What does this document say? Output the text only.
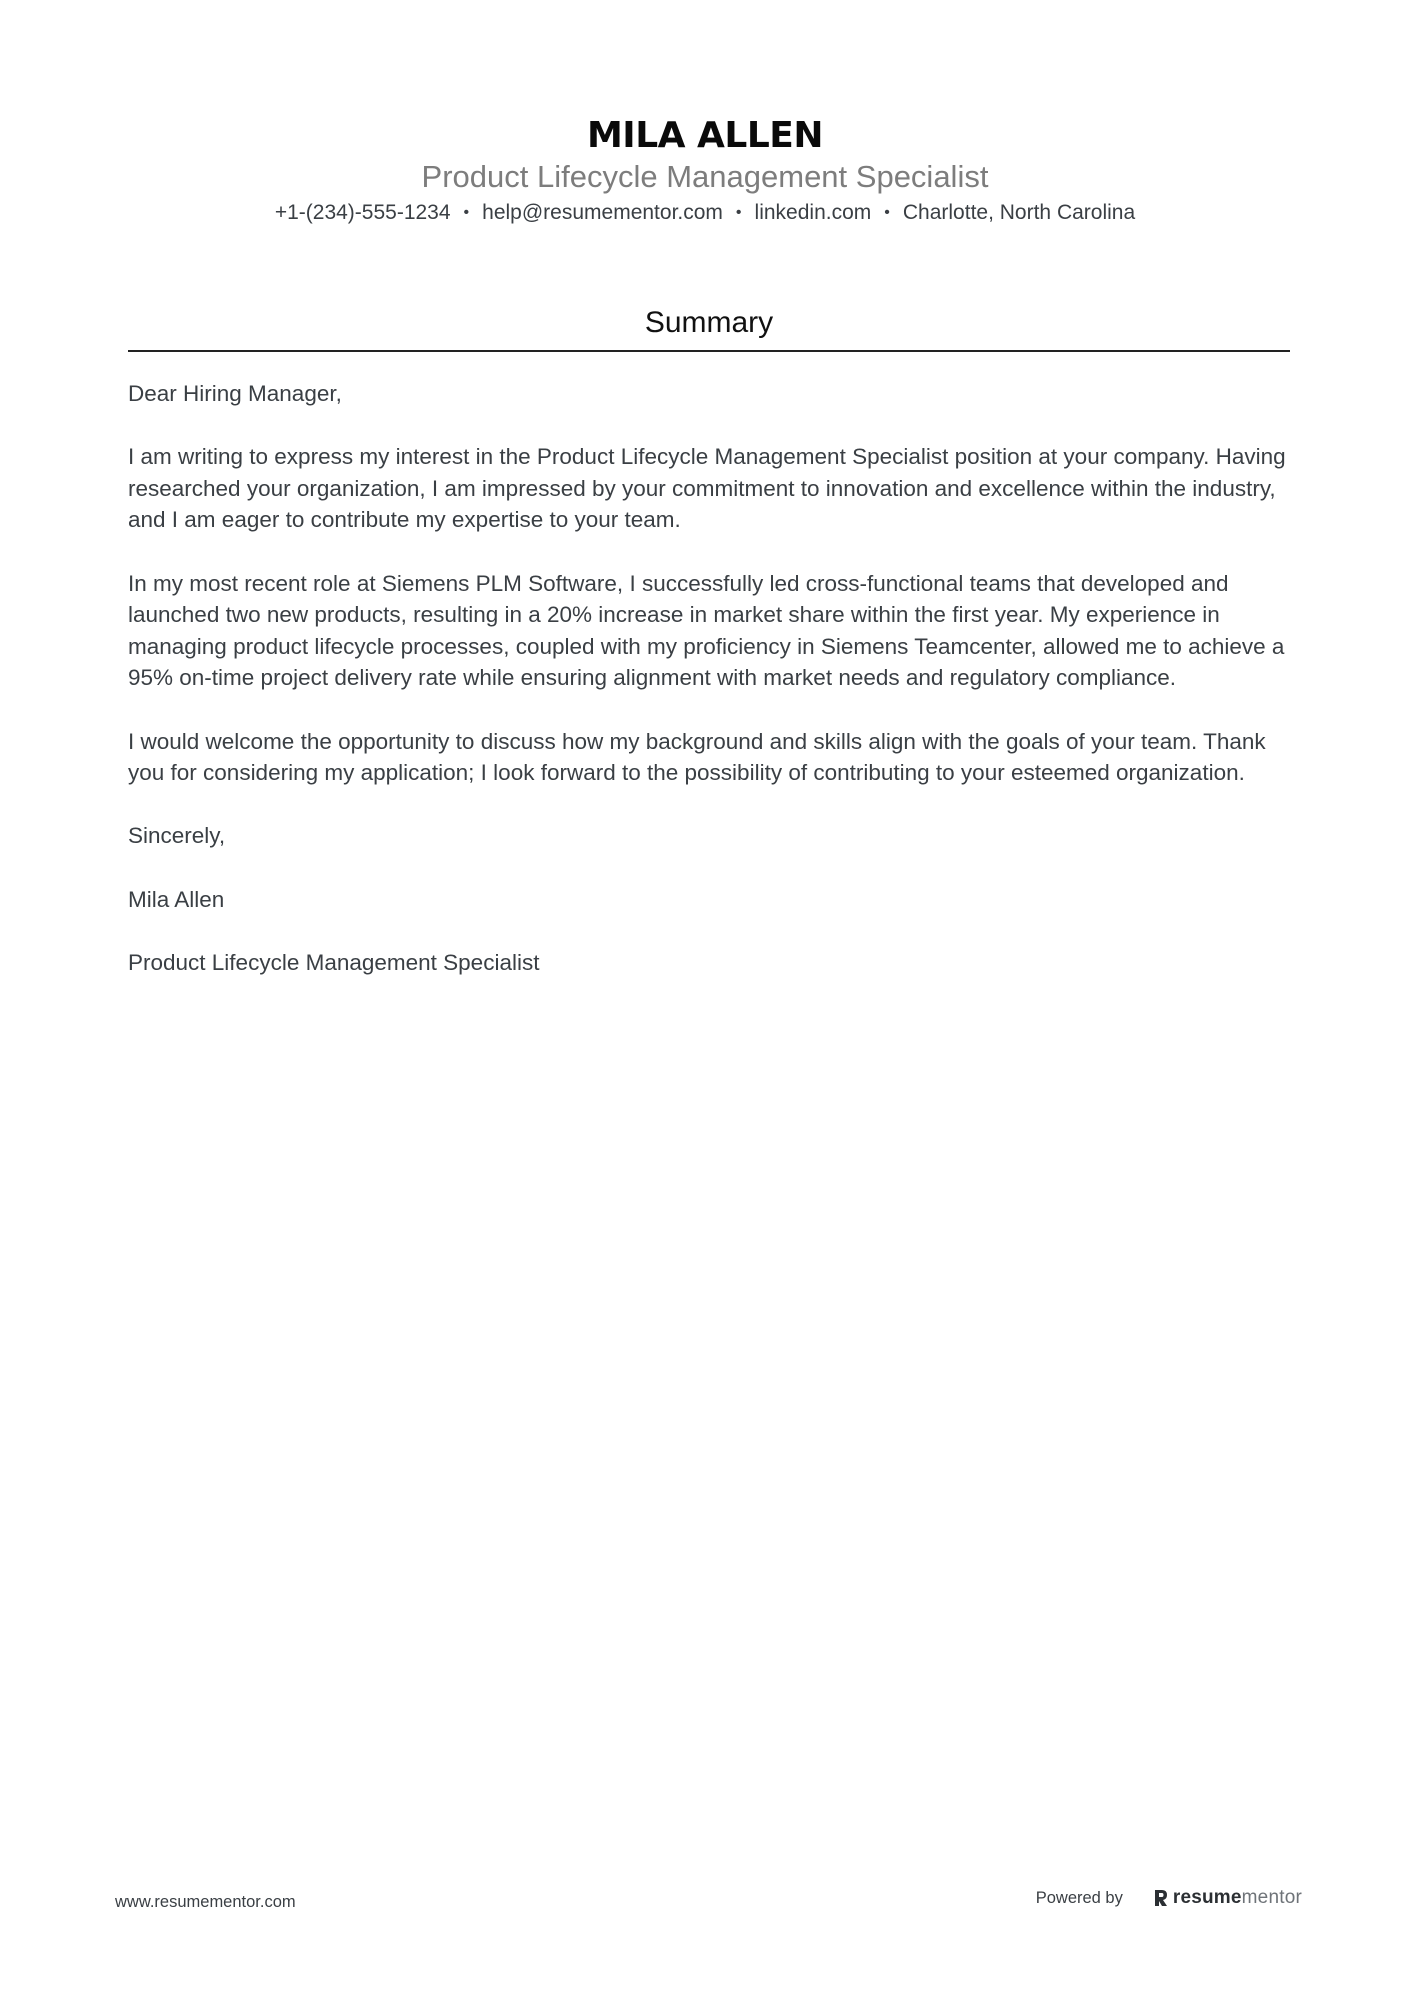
MILA ALLEN
Product Lifecycle Management Specialist
+1-(234)-555-1234 • help@resumementor.com • linkedin.com • Charlotte, North Carolina
Summary

Dear Hiring Manager,

I am writing to express my interest in the Product Lifecycle Management Specialist position at your company. Having researched your organization, I am impressed by your commitment to innovation and excellence within the industry, and I am eager to contribute my expertise to your team.

In my most recent role at Siemens PLM Software, I successfully led cross-functional teams that developed and launched two new products, resulting in a 20% increase in market share within the first year. My experience in managing product lifecycle processes, coupled with my proficiency in Siemens Teamcenter, allowed me to achieve a 95% on-time project delivery rate while ensuring alignment with market needs and regulatory compliance.

I would welcome the opportunity to discuss how my background and skills align with the goals of your team. Thank you for considering my application; I look forward to the possibility of contributing to your esteemed organization.

Sincerely,

Mila Allen

Product Lifecycle Management Specialist

www.resumementor.com	Powered by	resume mentor
